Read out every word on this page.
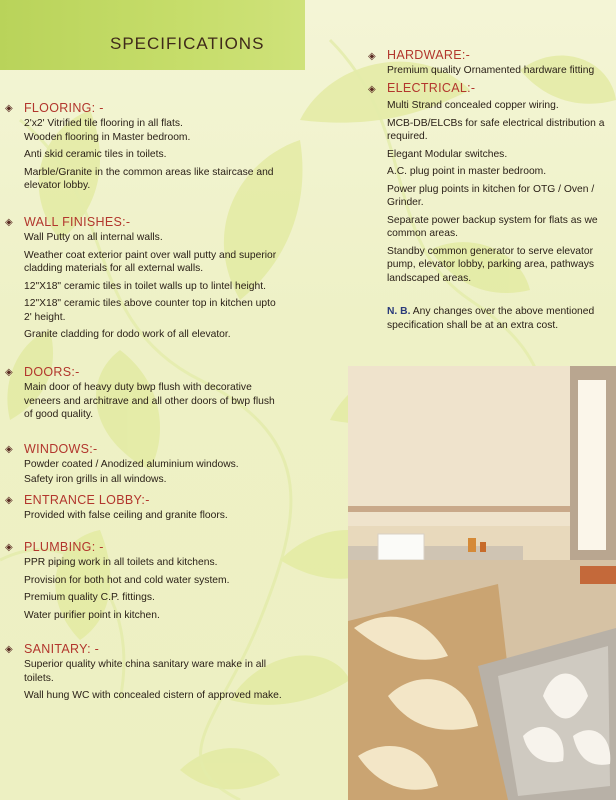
SPECIFICATIONS
◈ FLOORING: -
2'x2' Vitrified tile flooring in all flats.
Wooden flooring in Master bedroom.
Anti skid ceramic tiles in toilets.
Marble/Granite in the common areas like staircase and elevator lobby.
◈ WALL FINISHES:-
Wall Putty on all internal walls.
Weather coat exterior paint over wall putty and superior cladding materials for all external walls.
12"X18" ceramic tiles in toilet walls up to lintel height.
12"X18" ceramic tiles above counter top in kitchen upto 2' height.
Granite cladding for dodo work of all elevator.
◈ DOORS:-
Main door of heavy duty bwp flush with decorative veneers and architrave and all other doors of bwp flush of good quality.
◈ WINDOWS:-
Powder coated / Anodized aluminium windows.
Safety iron grills in all windows.
◈ ENTRANCE LOBBY:-
Provided with false ceiling and granite floors.
◈ PLUMBING: -
PPR piping work in all toilets and kitchens.
Provision for both hot and cold water system.
Premium quality C.P. fittings.
Water purifier point in kitchen.
◈ SANITARY: -
Superior quality white china sanitary ware make in all toilets.
Wall hung WC with concealed cistern of approved make.
HARDWARE:-
Premium quality Ornamented hardware fitting
◈
ELECTRICAL:-
Multi Strand concealed copper wiring.
MCB-DB/ELCBs for safe electrical distribution a required.
Elegant Modular switches.
A.C. plug point in master bedroom.
Power plug points in kitchen for OTG / Oven / Grinder.
Separate power backup system for flats as we common areas.
Standby common generator to serve elevator pump, elevator lobby, parking area, pathways landscaped areas.
◈
N. B. Any changes over the above mentioned specification shall be at an extra cost.
